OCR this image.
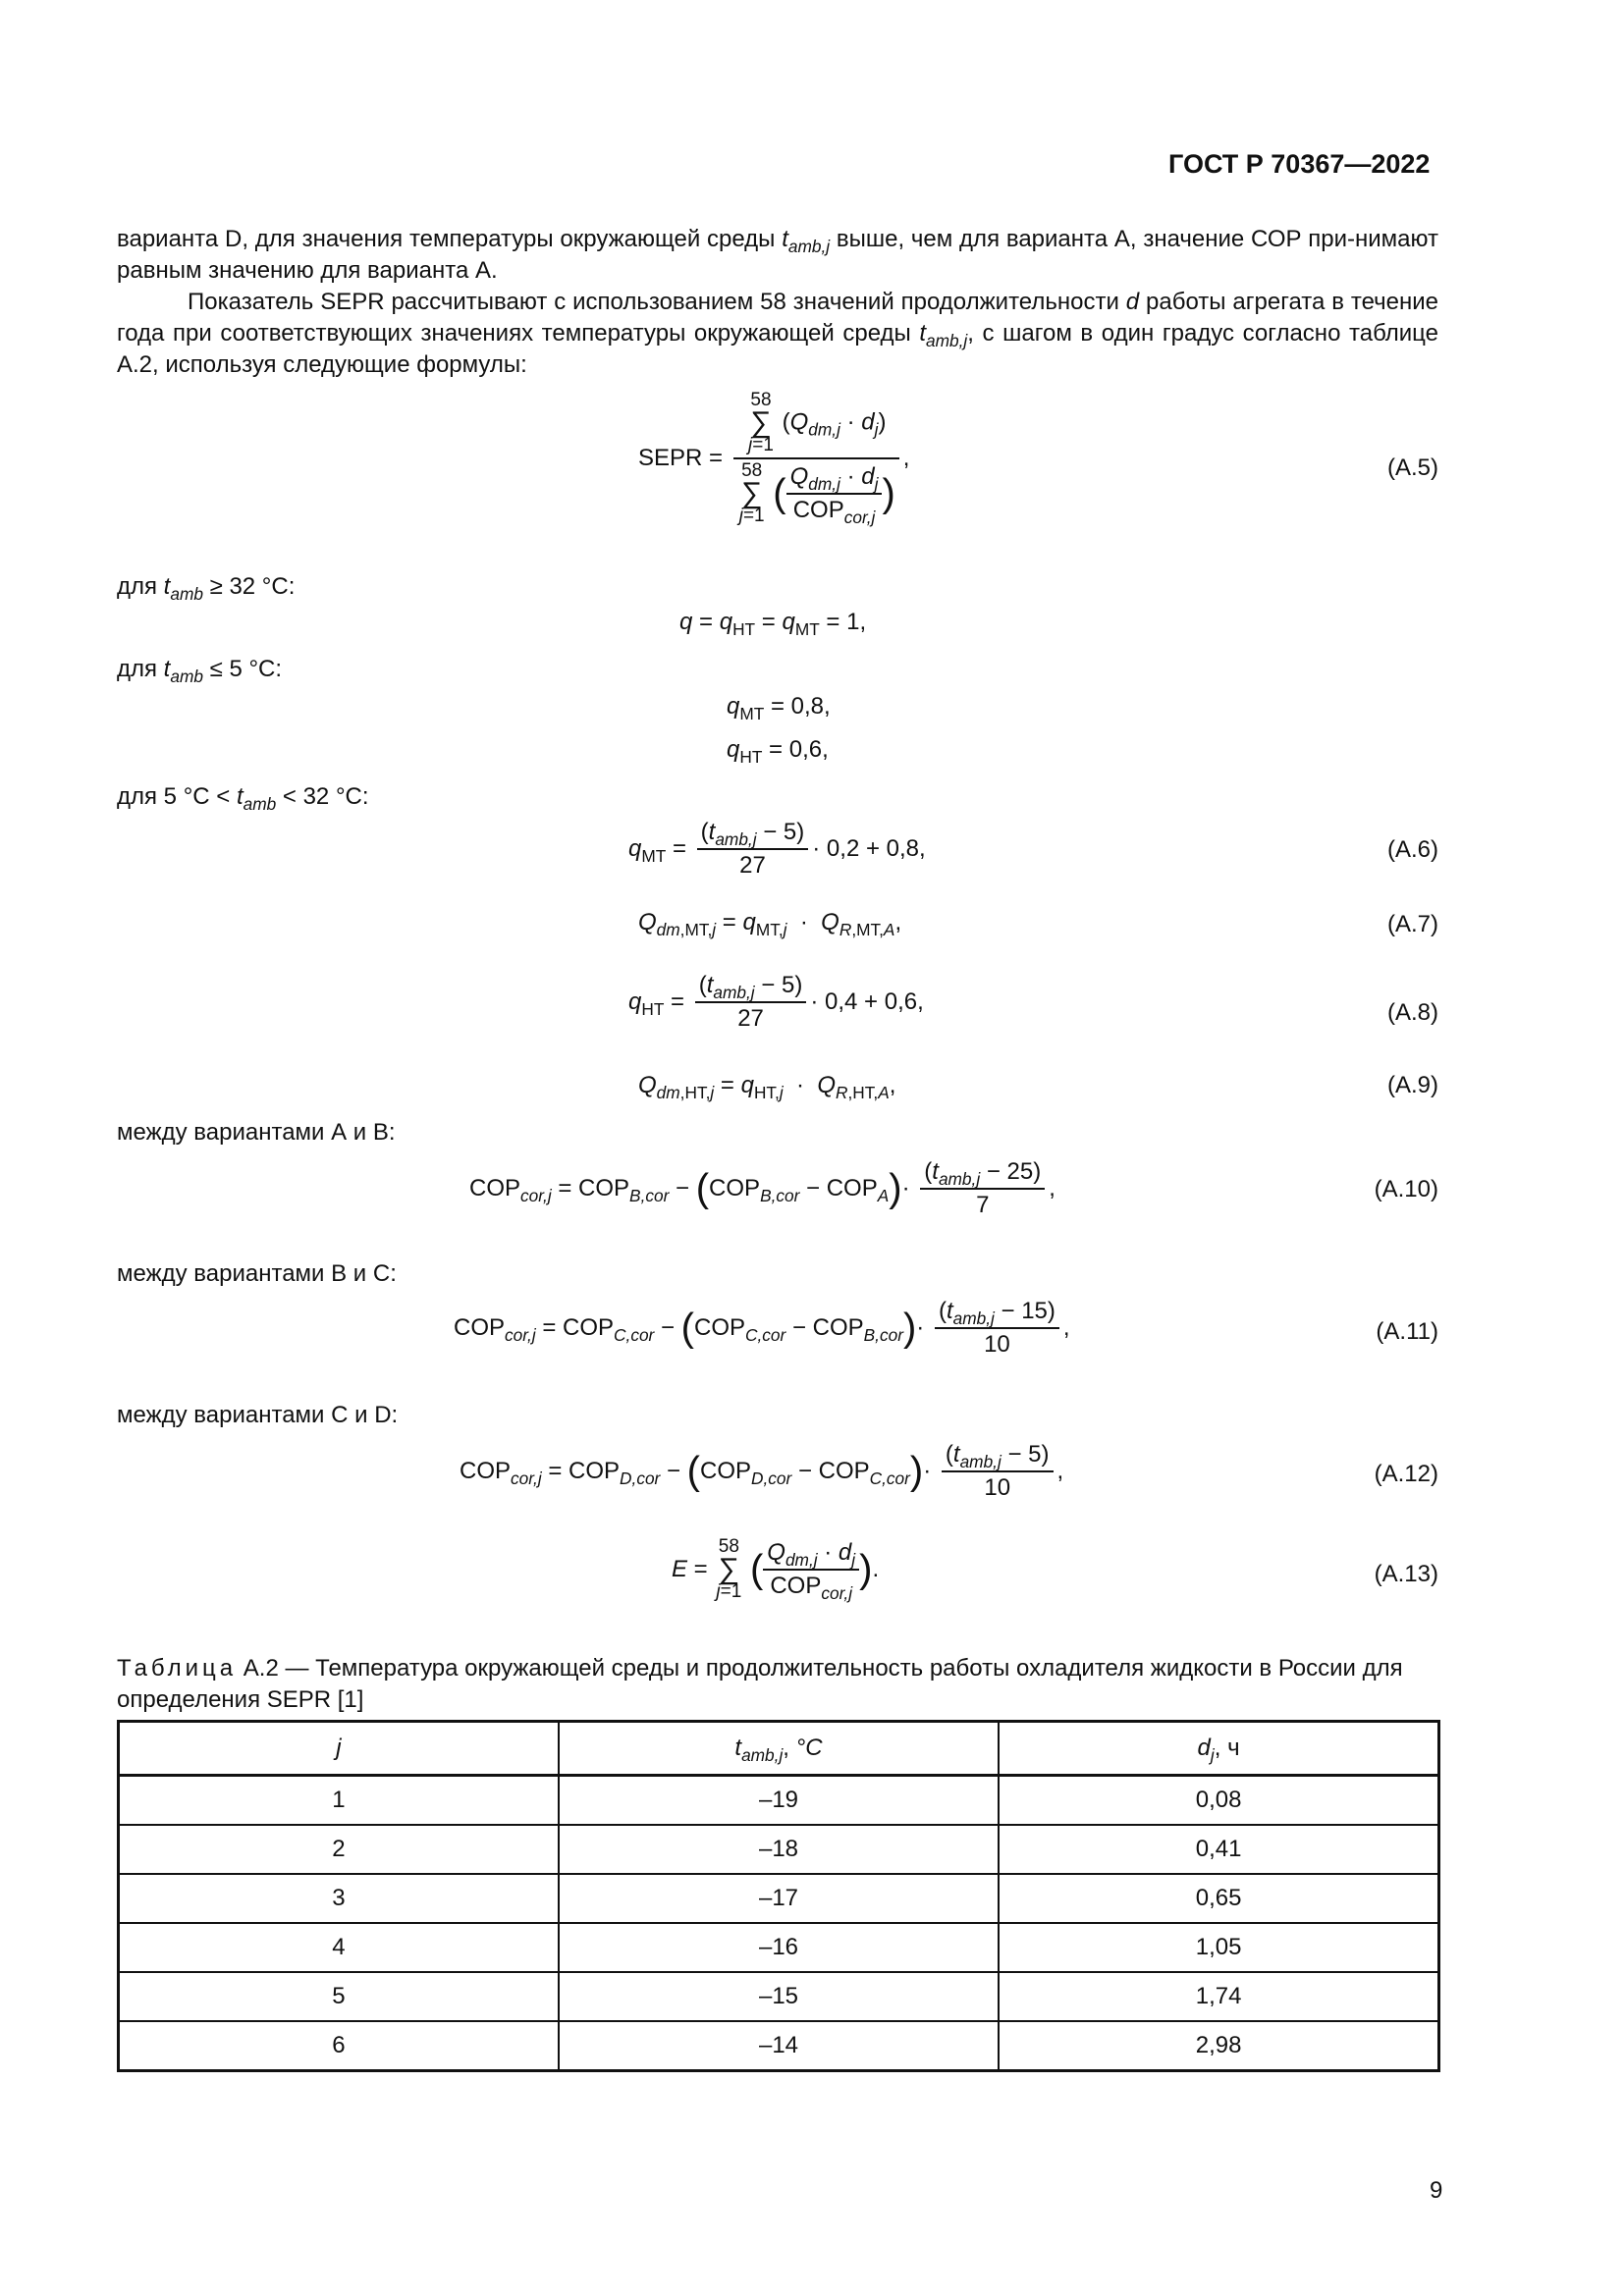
ГОСТ Р 70367—2022
варианта D, для значения температуры окружающей среды $t_{amb,j}$ выше, чем для варианта А, значение СОР при-нимают равным значению для варианта А.
Показатель SEPR рассчитывают с использованием 58 значений продолжительности d работы агрегата в течение года при соответствующих значениях температуры окружающей среды $t_{amb,j}$, с шагом в один градус согласно таблице А.2, используя следующие формулы:
SEPR = 58
∑
j=1
$(Q_{dm,j} \cdot d_j)$
58
∑
j=1
( $\frac{Q_{dm,j} \cdot d_j}{COP_{cor,j}}$ ) ,	(А.5)
для $t_{amb} \ge 32$ °С:
$q = q_{HT} = q_{MT} = 1$,
для $t_{amb} \le 5$ °С:
$q_{MT} = 0,8$,
$q_{HT} = 0,6$,
для 5 $^\circ С < t_{amb} < 32$ °С:
$q_{MT} = \frac{(t_{amb,j} - 5)}{27} \cdot 0,2 + 0,8$,	(А.6)
$Q_{dm,MT,j} = q_{MT,j} \cdot Q_{R,MT,A}$,	(А.7)
$q_{HT} = \frac{(t_{amb,j} - 5)}{27} \cdot 0,4 + 0,6$,	(А.8)
$Q_{dm,HT,j} = q_{HT,j} \cdot Q_{R,HT,A}$,	(А.9)
между вариантами А и В:
$COP_{cor,j} = COP_{B,cor} - (COP_{B,cor} - COP_A)\cdot \frac{(t_{amb,j} - 25)}{7}$ ,	(А.10)
между вариантами В и С:
$COP_{cor,j} = COP_{C,cor} - (COP_{C,cor} - COP_{B,cor})\cdot \frac{(t_{amb,j} - 15)}{10}$ ,	(А.11)
между вариантами С и D:
$COP_{cor,j} = COP_{D,cor} - (COP_{D,cor} - COP_{C,cor})\cdot \frac{(t_{amb,j} - 5)}{10}$ ,	(А.12)
E =
58
∑
j=1
( $\frac{Q_{dm,j} \cdot d_j}{COP_{cor,j}}$ ).	(А.13)
Таблица А.2 — Температура окружающей среды и продолжительность работы охладителя жидкости в России для определения SEPR [1]
j	$t_{amb,j}$, °C	$d_j$, ч
1	–19	0,08
2	–18	0,41
3	–17	0,65
4	–16	1,05
5	–15	1,74
6	–14	2,98
9
